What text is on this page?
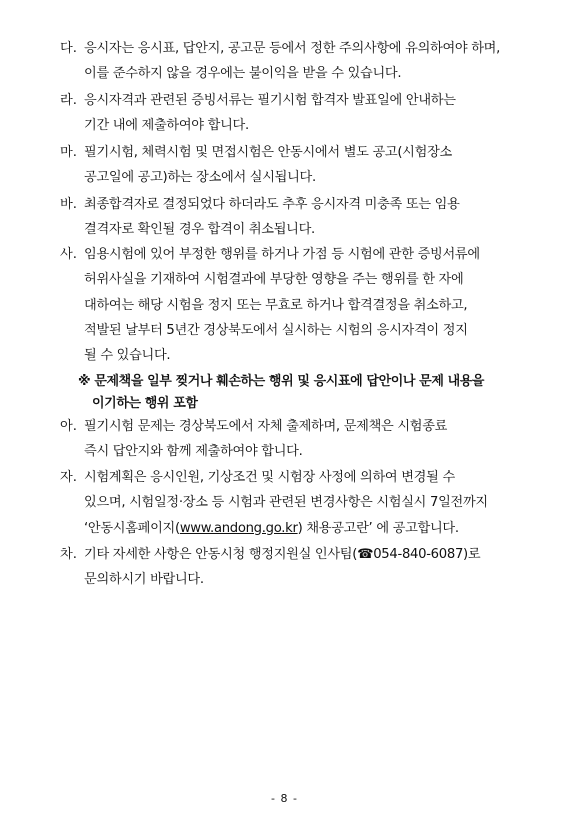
다. 응시자는 응시표, 답안지, 공고문 등에서 정한 주의사항에 유의하여야 하며,
이를 준수하지 않을 경우에는 불이익을 받을 수 있습니다.
라. 응시자격과 관련된 증빙서류는 필기시험 합격자 발표일에 안내하는
기간 내에 제출하여야 합니다.
마. 필기시험, 체력시험 및 면접시험은 안동시에서 별도 공고(시험장소
공고일에 공고)하는 장소에서 실시됩니다.
바. 최종합격자로 결정되었다 하더라도 추후 응시자격 미충족 또는 임용
결격자로 확인될 경우 합격이 취소됩니다.
사. 임용시험에 있어 부정한 행위를 하거나 가점 등 시험에 관한 증빙서류에
허위사실을 기재하여 시험결과에 부당한 영향을 주는 행위를 한 자에
대하여는 해당 시험을 정지 또는 무효로 하거나 합격결정을 취소하고,
적발된 날부터 5년간 경상북도에서 실시하는 시험의 응시자격이 정지
될 수 있습니다.
※ 문제책을 일부 찢거나 훼손하는 행위 및 응시표에 답안이나 문제 내용을
이기하는 행위 포함
아. 필기시험 문제는 경상북도에서 자체 출제하며, 문제책은 시험종료
즉시 답안지와 함께 제출하여야 합니다.
자. 시험계획은 응시인원, 기상조건 및 시험장 사정에 의하여 변경될 수
있으며, 시험일정·장소 등 시험과 관련된 변경사항은 시험실시 7일전까지
‘안동시홈페이지(www.andong.go.kr) 채용공고란’ 에 공고합니다.
차. 기타 자세한 사항은 안동시청 행정지원실 인사팀(☎054-840-6087)로
문의하시기 바랍니다.
- 8 -
